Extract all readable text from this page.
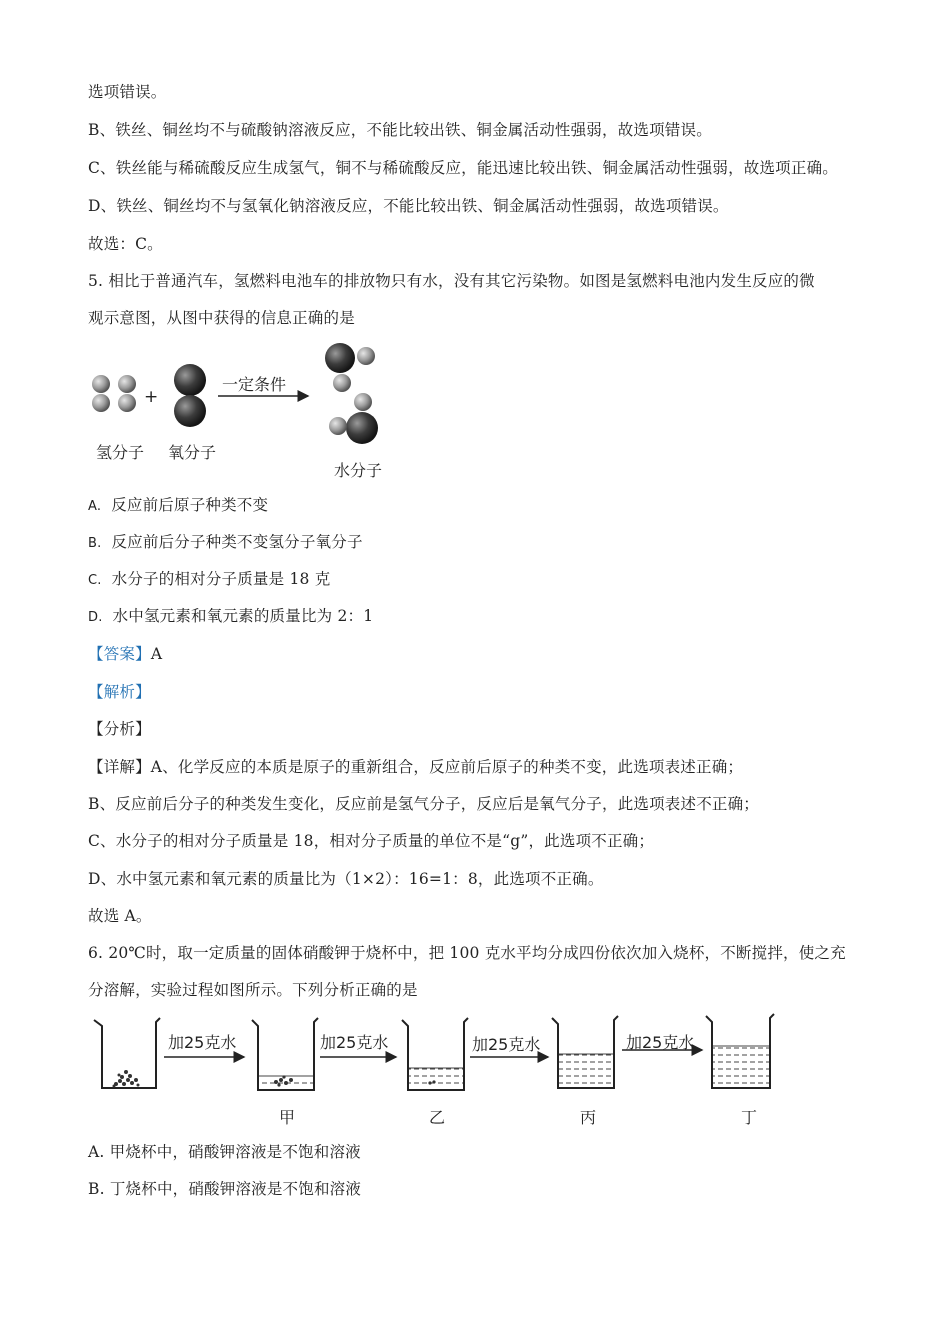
选项错误。
B、铁丝、铜丝均不与硫酸钠溶液反应，不能比较出铁、铜金属活动性强弱，故选项错误。
C、铁丝能与稀硫酸反应生成氢气，铜不与稀硫酸反应，能迅速比较出铁、铜金属活动性强弱，故选项正确。
D、铁丝、铜丝均不与氢氧化钠溶液反应，不能比较出铁、铜金属活动性强弱，故选项错误。
故选：C。
5. 相比于普通汽车，氢燃料电池车的排放物只有水，没有其它污染物。如图是氢燃料电池内发生反应的微
观示意图，从图中获得的信息正确的是
+
一定条件
氢分子 氧分子
水分子
A. 反应前后原子种类不变
B. 反应前后分子种类不变氢分子氧分子
C. 水分子的相对分子质量是 18 克
D. 水中氢元素和氧元素的质量比为 2：1
【答案】A
【解析】
【分析】
【详解】A、化学反应的本质是原子的重新组合，反应前后原子的种类不变，此选项表述正确；
B、反应前后分子的种类发生变化，反应前是氢气分子，反应后是氧气分子，此选项表述不正确；
C、水分子的相对分子质量是 18，相对分子质量的单位不是“g”，此选项不正确；
D、水中氢元素和氧元素的质量比为（1×2）：16=1：8，此选项不正确。
故选 A。
6. 20℃时，取一定质量的固体硝酸钾于烧杯中，把 100 克水平均分成四份依次加入烧杯，不断搅拌，使之充
分溶解，实验过程如图所示。下列分析正确的是
加25克水	加25克水	加25克水	加25克水
甲	乙	丙	丁
A. 甲烧杯中，硝酸钾溶液是不饱和溶液
B. 丁烧杯中，硝酸钾溶液是不饱和溶液
